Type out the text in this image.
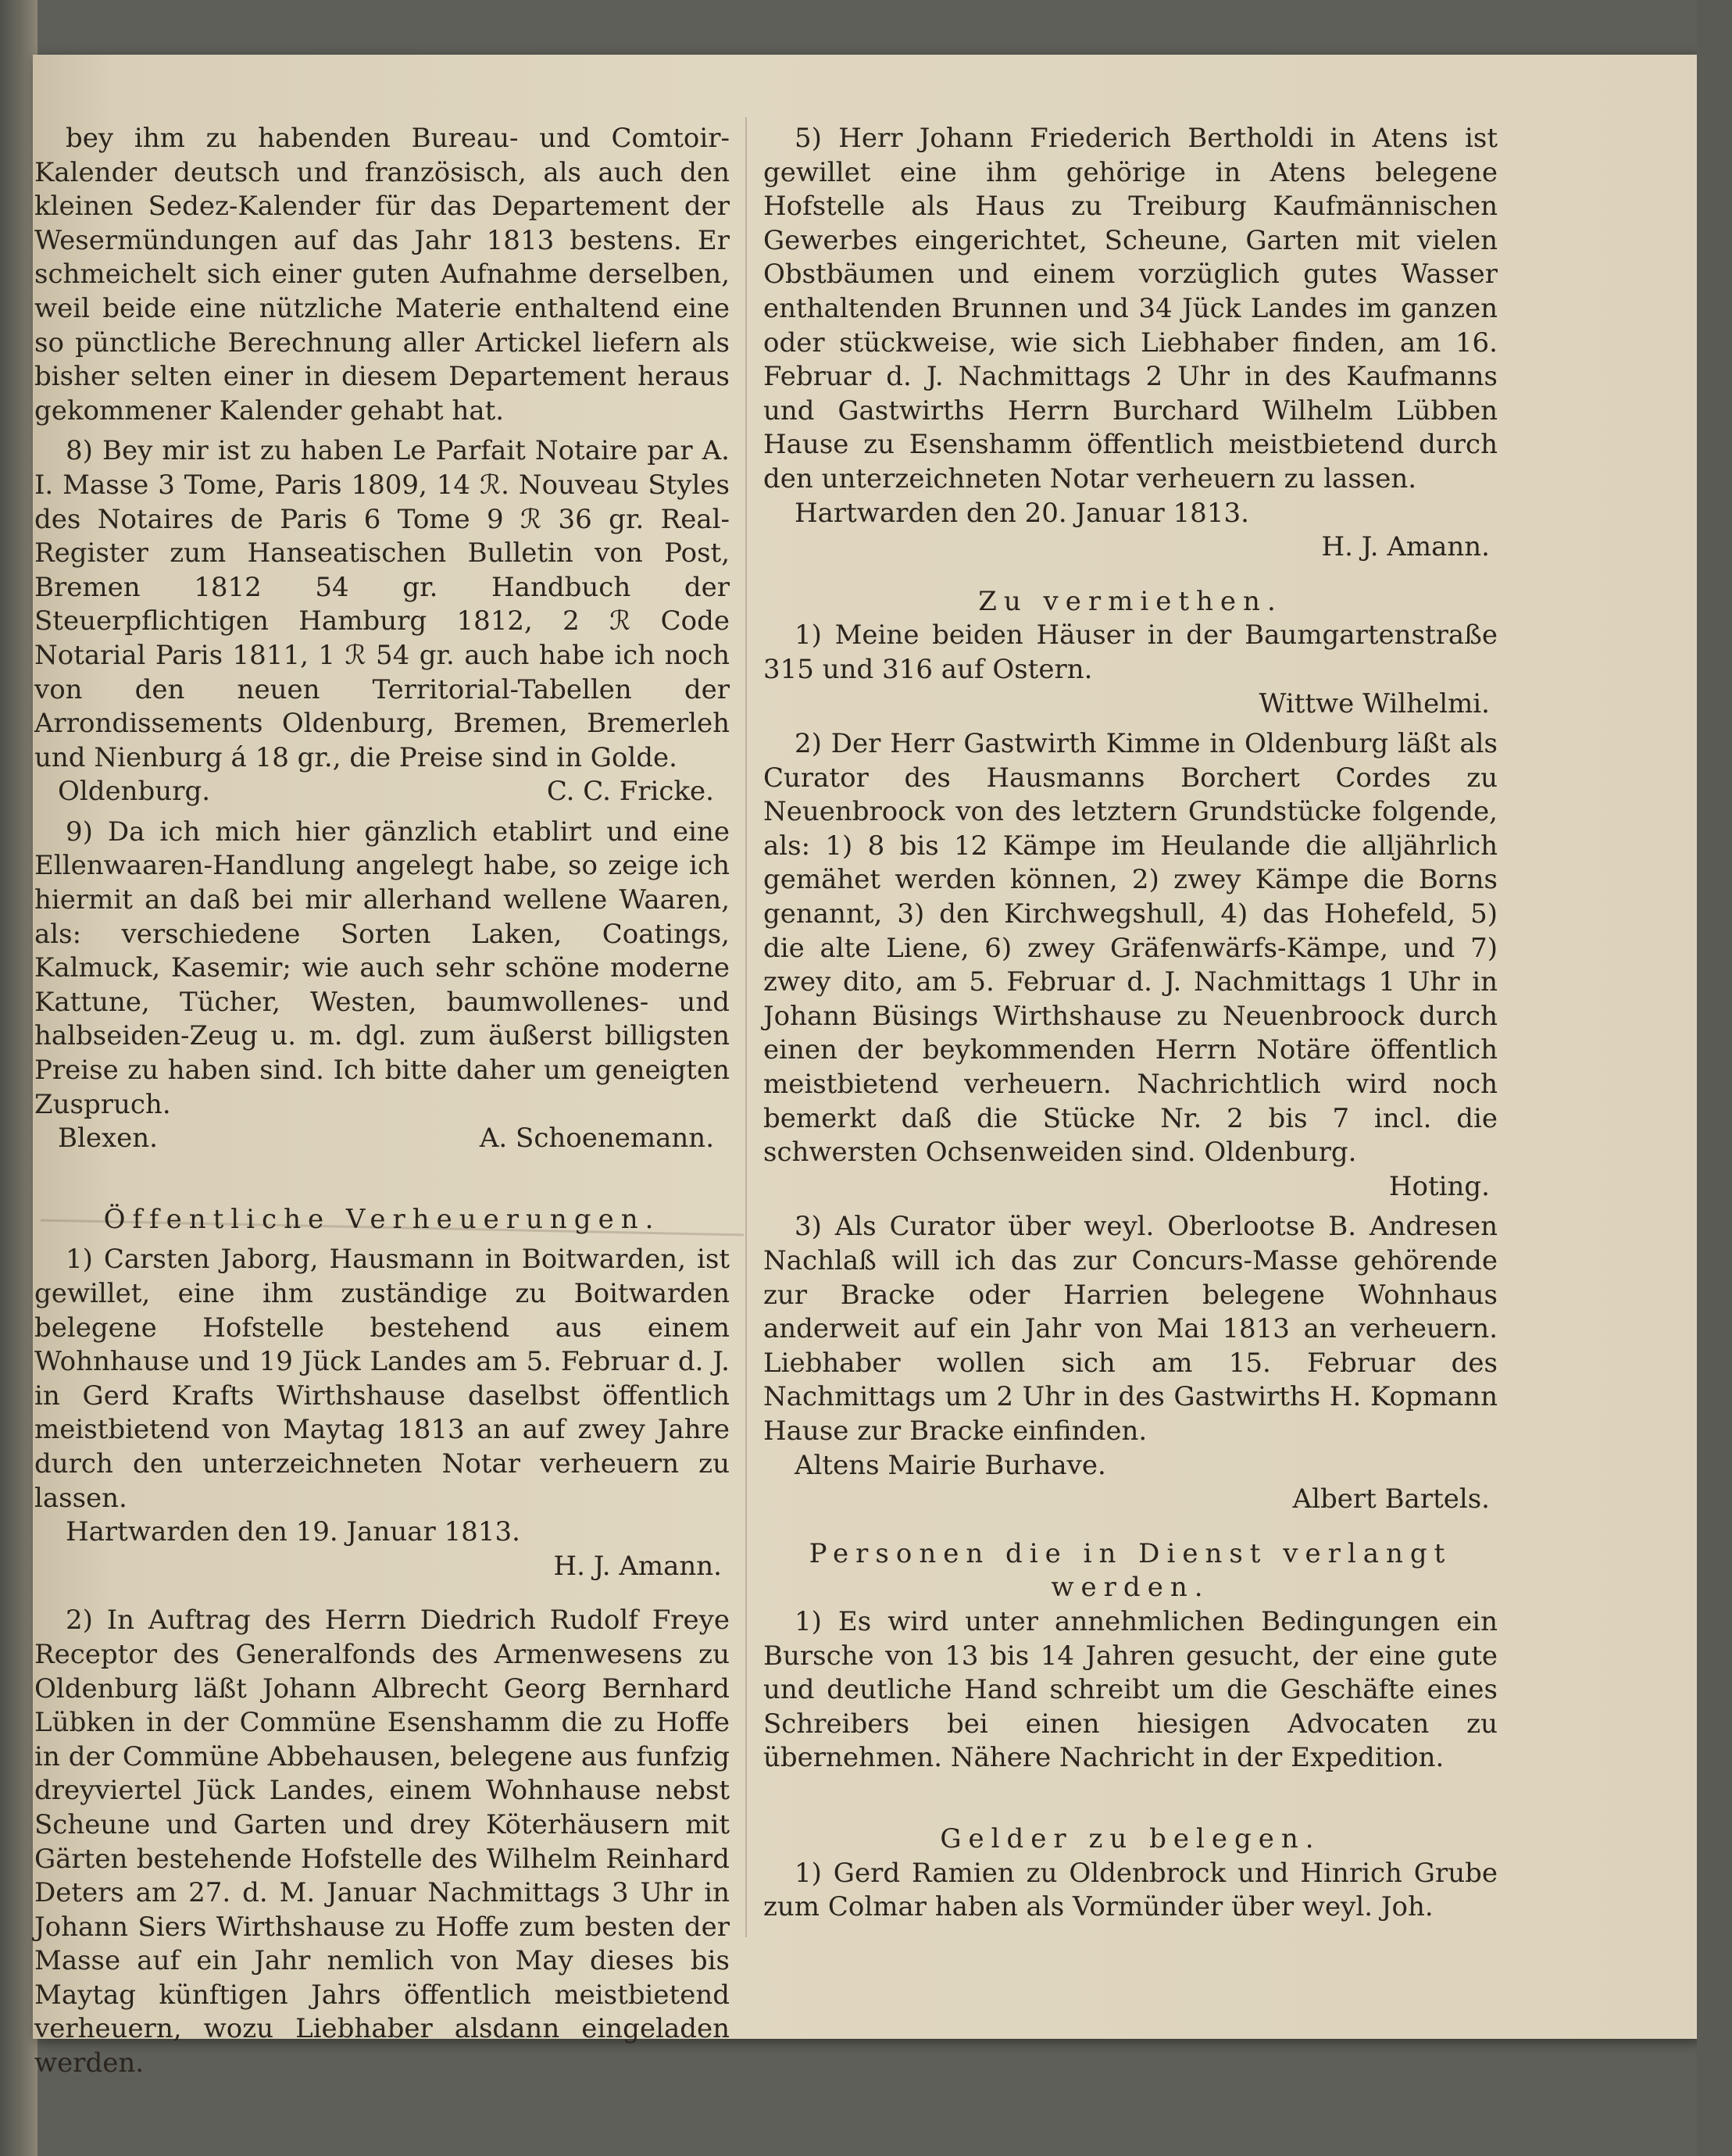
bey ihm zu habenden Bureau- und Comtoir-Kalender deutsch und französisch, als auch den kleinen Sedez-Kalender für das Departement der Wesermündungen auf das Jahr 1813 bestens. Er schmeichelt sich einer guten Aufnahme derselben, weil beide eine nützliche Materie enthaltend eine so pünctliche Berechnung aller Artickel liefern als bisher selten einer in diesem Departement heraus gekommener Kalender gehabt hat.

8) Bey mir ist zu haben Le Parfait Notaire par A. I. Masse 3 Tome, Paris 1809, 14 ℛ. Nouveau Styles des Notaires de Paris 6 Tome 9 ℛ 36 gr. Real-Register zum Hanseatischen Bulletin von Post, Bremen 1812 54 gr. Handbuch der Steuerpflichtigen Hamburg 1812, 2 ℛ Code Notarial Paris 1811, 1 ℛ 54 gr. auch habe ich noch von den neuen Territorial-Tabellen der Arrondissements Oldenburg, Bremen, Bremerleh und Nienburg á 18 gr., die Preise sind in Golde.

Oldenburg.	C. C. Fricke.

9) Da ich mich hier gänzlich etablirt und eine Ellenwaaren-Handlung angelegt habe, so zeige ich hiermit an daß bei mir allerhand wellene Waaren, als: verschiedene Sorten Laken, Coatings, Kalmuck, Kasemir; wie auch sehr schöne moderne Kattune, Tücher, Westen, baumwollenes- und halbseiden-Zeug u. m. dgl. zum äußerst billigsten Preise zu haben sind. Ich bitte daher um geneigten Zuspruch.

Blexen.	A. Schoenemann.

Öffentliche Verheuerungen.

1) Carsten Jaborg, Hausmann in Boitwarden, ist gewillet, eine ihm zuständige zu Boitwarden belegene Hofstelle bestehend aus einem Wohnhause und 19 Jück Landes am 5. Februar d. J. in Gerd Krafts Wirthshause daselbst öffentlich meistbietend von Maytag 1813 an auf zwey Jahre durch den unterzeichneten Notar verheuern zu lassen.

Hartwarden den 19. Januar 1813.

H. J. Amann.

2) In Auftrag des Herrn Diedrich Rudolf Freye Receptor des Generalfonds des Armenwesens zu Oldenburg läßt Johann Albrecht Georg Bernhard Lübken in der Commüne Esenshamm die zu Hoffe in der Commüne Abbehausen, belegene aus funfzig dreyviertel Jück Landes, einem Wohnhause nebst Scheune und Garten und drey Köterhäusern mit Gärten bestehende Hofstelle des Wilhelm Reinhard Deters am 27. d. M. Januar Nachmittags 3 Uhr in Johann Siers Wirthshause zu Hoffe zum besten der Masse auf ein Jahr nemlich von May dieses bis Maytag künftigen Jahrs öffentlich meistbietend verheuern, wozu Liebhaber alsdann eingeladen werden.

5) Herr Johann Friederich Bertholdi in Atens ist gewillet eine ihm gehörige in Atens belegene Hofstelle als Haus zu Treiburg Kaufmännischen Gewerbes eingerichtet, Scheune, Garten mit vielen Obstbäumen und einem vorzüglich gutes Wasser enthaltenden Brunnen und 34 Jück Landes im ganzen oder stückweise, wie sich Liebhaber finden, am 16. Februar d. J. Nachmittags 2 Uhr in des Kaufmanns und Gastwirths Herrn Burchard Wilhelm Lübben Hause zu Esenshamm öffentlich meistbietend durch den unterzeichneten Notar verheuern zu lassen.

Hartwarden den 20. Januar 1813.

H. J. Amann.

Zu vermiethen.

1) Meine beiden Häuser in der Baumgartenstraße 315 und 316 auf Ostern.

Wittwe Wilhelmi.

2) Der Herr Gastwirth Kimme in Oldenburg läßt als Curator des Hausmanns Borchert Cordes zu Neuenbroock von des letztern Grundstücke folgende, als: 1) 8 bis 12 Kämpe im Heulande die alljährlich gemähet werden können, 2) zwey Kämpe die Borns genannt, 3) den Kirchwegshull, 4) das Hohefeld, 5) die alte Liene, 6) zwey Gräfenwärfs-Kämpe, und 7) zwey dito, am 5. Februar d. J. Nachmittags 1 Uhr in Johann Büsings Wirthshause zu Neuenbroock durch einen der beykommenden Herrn Notäre öffentlich meistbietend verheuern. Nachrichtlich wird noch bemerkt daß die Stücke Nr. 2 bis 7 incl. die schwersten Ochsenweiden sind. Oldenburg.

Hoting.

3) Als Curator über weyl. Oberlootse B. Andresen Nachlaß will ich das zur Concurs-Masse gehörende zur Bracke oder Harrien belegene Wohnhaus anderweit auf ein Jahr von Mai 1813 an verheuern. Liebhaber wollen sich am 15. Februar des Nachmittags um 2 Uhr in des Gastwirths H. Kopmann Hause zur Bracke einfinden.

Altens Mairie Burhave.

Albert Bartels.

Personen die in Dienst verlangt werden.

1) Es wird unter annehmlichen Bedingungen ein Bursche von 13 bis 14 Jahren gesucht, der eine gute und deutliche Hand schreibt um die Geschäfte eines Schreibers bei einen hiesigen Advocaten zu übernehmen. Nähere Nachricht in der Expedition.

Gelder zu belegen.

1) Gerd Ramien zu Oldenbrock und Hinrich Grube zum Colmar haben als Vormünder über weyl. Joh.
